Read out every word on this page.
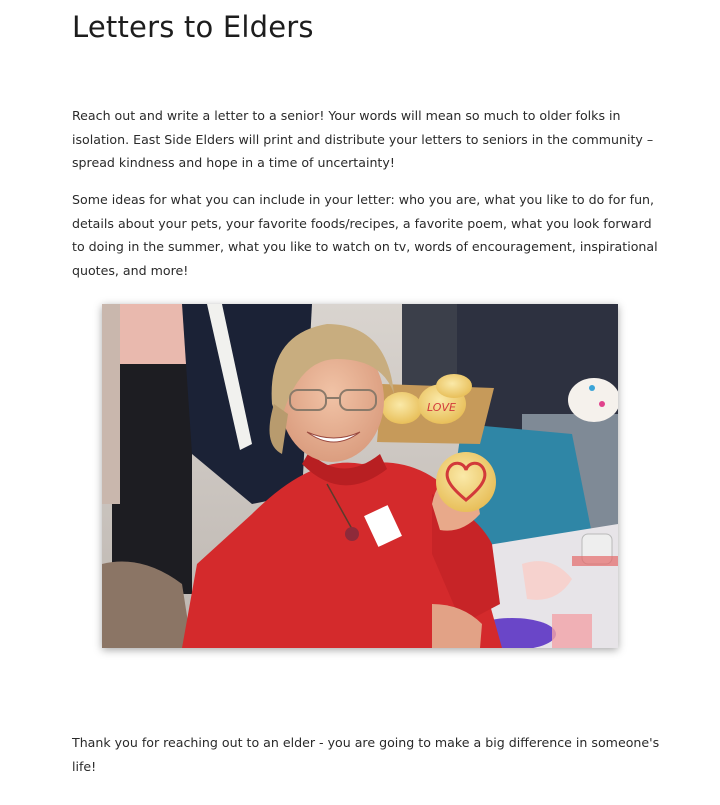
Letters to Elders

Reach out and write a letter to a senior! Your words will mean so much to older folks in isolation. East Side Elders will print and distribute your letters to seniors in the community – spread kindness and hope in a time of uncertainty!

Some ideas for what you can include in your letter: who you are, what you like to do for fun, details about your pets, your favorite foods/recipes, a favorite poem, what you look forward to doing in the summer, what you like to watch on tv, words of encouragement, inspirational quotes, and more!

LOVE

Thank you for reaching out to an elder - you are going to make a big difference in someone's life!
